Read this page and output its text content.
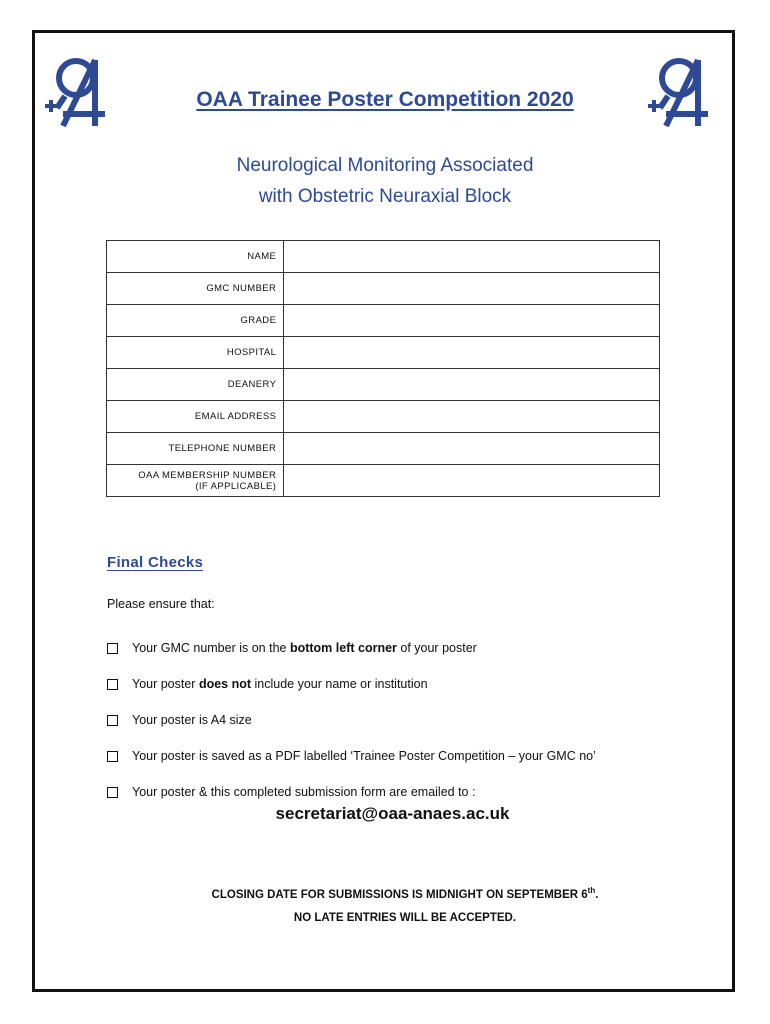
OAA Trainee Poster Competition 2020
Neurological Monitoring Associated
with Obstetric Neuraxial Block
NAME	
GMC NUMBER	
GRADE	
HOSPITAL	
DEANERY	
EMAIL ADDRESS	
TELEPHONE NUMBER	
OAA MEMBERSHIP NUMBER
(IF APPLICABLE)	

Final Checks
Please ensure that:
Your GMC number is on the bottom left corner of your poster
Your poster does not include your name or institution
Your poster is A4 size
Your poster is saved as a PDF labelled ‘Trainee Poster Competition – your GMC no’
Your poster & this completed submission form are emailed to :
secretariat@oaa-anaes.ac.uk
CLOSING DATE FOR SUBMISSIONS IS MIDNIGHT ON SEPTEMBER 6th.
NO LATE ENTRIES WILL BE ACCEPTED.
